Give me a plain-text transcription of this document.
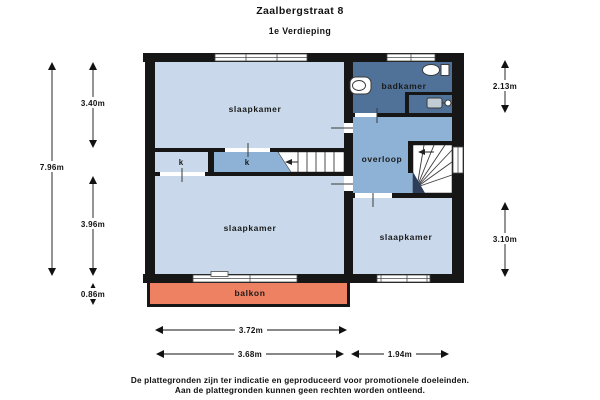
Zaalbergstraat 8
1e Verdieping
slaapkamer
badkamer
overloop
slaapkamer
slaapkamer
balkon
k	k
7.96m
3.40m
3.96m
0.86m
2.13m
3.10m
3.72m
3.68m	1.94m
De plattegronden zijn ter indicatie en geproduceerd voor promotionele doeleinden.
Aan de plattegronden kunnen geen rechten worden ontleend.
